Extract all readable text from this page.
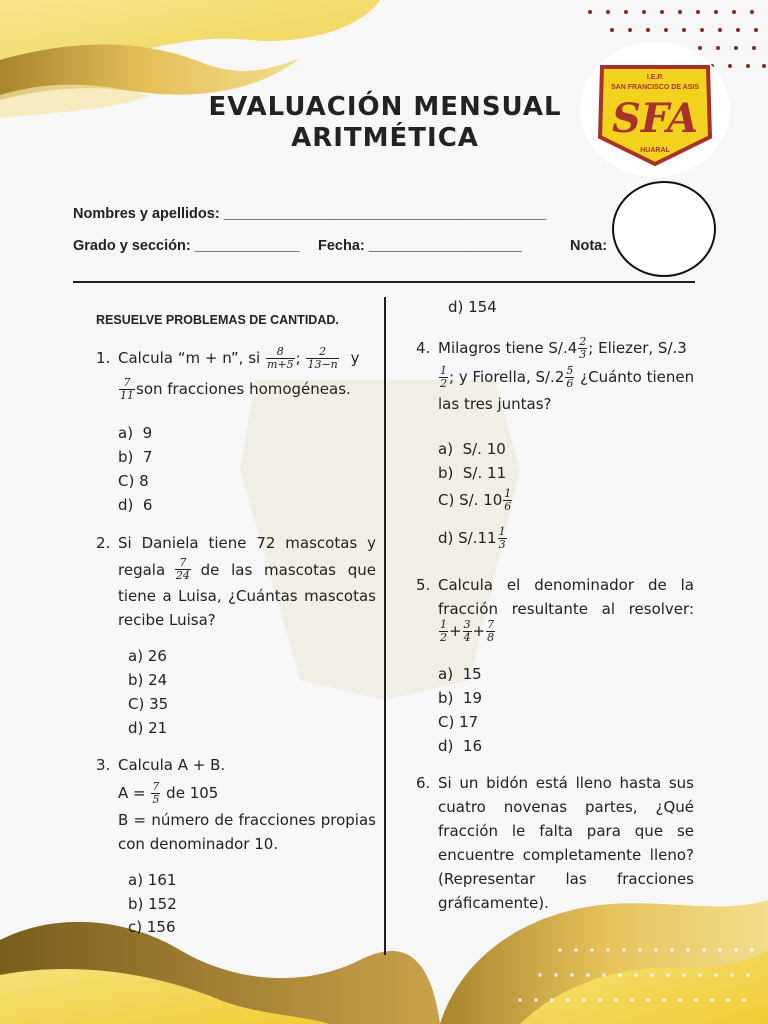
EVALUACIÓN MENSUAL
ARITMÉTICA
I.E.P.
SAN FRANCISCO DE ASIS
SFA
HUARAL
Nombres y apellidos: ________________________________________
Grado y sección: _____________ Fecha: ___________________	Nota:
RESUELVE PROBLEMAS DE CANTIDAD.
1. Calcula “m + n”, si $\frac{8}{m+5}$ ; $\frac{2}{13-n}$ y
$\frac{7}{11}$ son fracciones homogéneas.
a)  9
b)  7
C) 8
d)  6
2. Si Daniela tiene 72 mascotas y
regala $\frac{7}{24}$ de las mascotas que
tiene a Luisa, ¿Cuántas mascotas
recibe Luisa?
a) 26
b) 24
C) 35
d) 21
3. Calcula A + B.
$A = \frac{7}{5}$ de 105
B = número de fracciones propias
con denominador 10.
a) 161
b) 152
c) 156
d) 154
4. Milagros tiene $S/.4 \frac{2}{3}$ ; Eliezer, S/.3
$\frac{1}{2}$ ; y Fiorella, $S/.2 \frac{5}{6}$ ¿Cuánto tienen
las tres juntas?
a)  S/. 10
b)  S/. 11
C) S/. $10 \frac{1}{6}$
d) $S/.11 \frac{1}{3}$
5. Calcula el denominador de la
fracción resultante al resolver:
$\frac{1}{2} + \frac{3}{4} + \frac{7}{8}$
a)  15
b)  19
C) 17
d)  16
6. Si un bidón está lleno hasta sus
cuatro novenas partes, ¿Qué
fracción le falta para que se
encuentre completamente lleno?
(Representar las fracciones
gráficamente).
